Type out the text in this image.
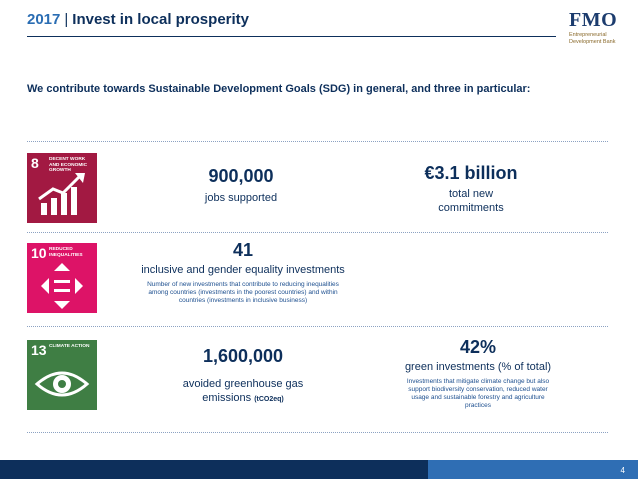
2017 | Invest in local prosperity	FMO
Entrepreneurial Development Bank
We contribute towards Sustainable Development Goals (SDG) in general, and three in particular:
8 DECENT WORK AND ECONOMIC GROWTH
10 REDUCED INEQUALITIES
13 CLIMATE ACTION
900,000
jobs supported
€3.1 billion
total new
commitments
41
inclusive and gender equality investments
Number of new investments that contribute to reducing inequalities
among countries (investments in the poorest countries) and within
countries (investments in inclusive business)
1,600,000
avoided greenhouse gas
emissions (tCO2eq)
42%
green investments (% of total)
Investments that mitigate climate change but also
support biodiversity conservation, reduced water
usage and sustainable forestry and agriculture
practices
4
